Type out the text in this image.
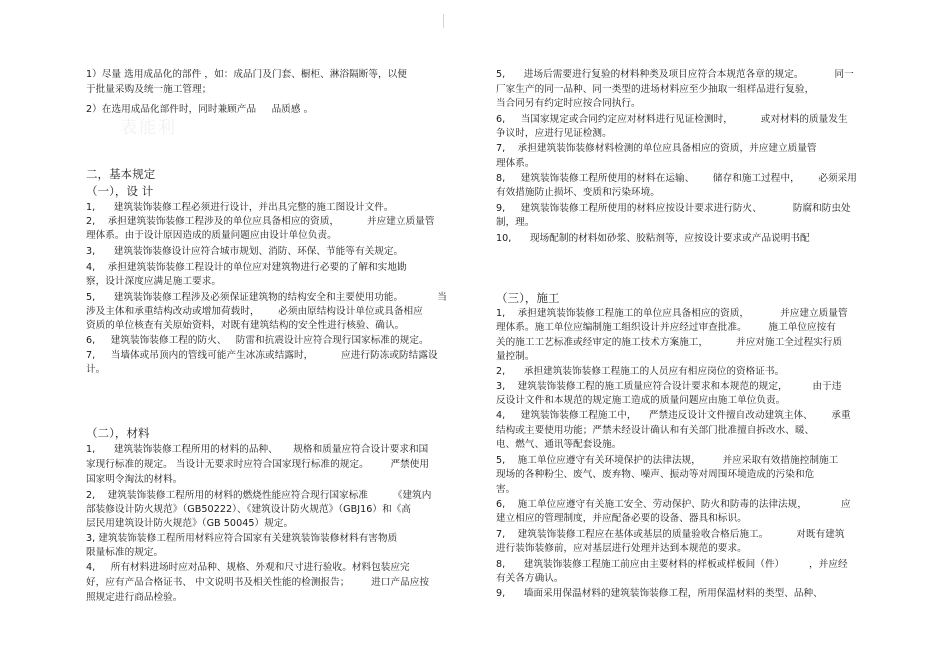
表能利
1）尽量 选用成品化的部件 ，如：成品门及门套、橱柜、淋浴隔断等，以便
于批量采购及统一施工管理；
2）在选用成品化部件时，同时兼顾产品     品质感 。
二，基本规定
（一），设 计
1,      建筑装饰装修工程必须进行设计，并出具完整的施工图设计文件。
2,    承担建筑装饰装修工程涉及的单位应具备相应的资质，         并应建立质量管
理体系。由于设计原因造成的质量问题应由设计单位负责。
3,      建筑装饰装修设计应符合城市规划、消防、环保、节能等有关规定。
4,    承担建筑装饰装修工程设计的单位应对建筑物进行必要的了解和实地勘
察，设计深度应满足施工要求。
5,      建筑装饰装修工程涉及必须保证建筑物的结构安全和主要使用功能。           当
涉及主体和承重结构改动或增加荷载时，      必须由原结构设计单位或具备相应
资质的单位核查有关原始资料，对既有建筑结构的安全性进行核验、确认。
6,     建筑装饰装修工程的防火、   防雷和抗震设计应符合现行国家标准的规定。
7,     当墙体或吊顶内的管线可能产生冰冻或结露时，         应进行防冻或防结露设
计。
（二），材料
1,      建筑装饰装修工程所用的材料的品种、     规格和质量应符合设计要求和国
家现行标准的规定。 当设计无要求时应符合国家现行标准的规定。       严禁使用
国家明令淘汰的材料。
2,    建筑装饰装修工程所用的材料的燃烧性能应符合现行国家标准        《建筑内
部装修设计防火规范》（GB50222）、《建筑设计防火规范》（GBJ16）和《高
层民用建筑设计防火规范》（GB 50045）规定。
3, 建筑装饰装修工程所用材料应符合国家有关建筑装饰装修材料有害物质
限量标准的规定。
4,     所有材料进场时应对品种、规格、外观和尺寸进行验收。材料包装应完
好，应有产品合格证书、 中文说明书及相关性能的检测报告；       进口产品应按
照规定进行商品检验。
5,      进场后需要进行复验的材料种类及项目应符合本规范各章的规定。          同一
厂家生产的同一品种、同一类型的进场材料应至少抽取一组样品进行复验，
当合同另有约定时应按合同执行。
6,     当国家规定或合同约定应对材料进行见证检测时，         或对材料的质量发生
争议时，应进行见证检测。
7,    承担建筑装饰装修材料检测的单位应具备相应的资质，并应建立质量管
理体系。
8,     建筑装饰装修工程所使用的材料在运输、      储存和施工过程中，      必须采用
有效措施防止损坏、变质和污染环境。
9,     建筑装饰装修工程所使用的材料应按设计要求进行防火、          防腐和防虫处
制，理。
10,      现场配制的材料如砂浆、胶粘剂等，应按设计要求或产品说明书配
（三），施工
1,    承担建筑装饰装修工程施工的单位应具备相应的资质，          并应建立质量管
理体系。施工单位应编制施工组织设计并应经过审查批准。       施工单位应按有
关的施工工艺标准或经审定的施工技术方案施工，         并应对施工全过程实行质
量控制。
2,      承担建筑装饰装修工程施工的人员应有相应岗位的资格证书。
3,    建筑装饰装修工程的施工质量应符合设计要求和本规范的规定，        由于违
反设计文件和本规范的规定施工造成的质量问题应由施工单位负责。
4,     建筑装饰装修工程施工中，    严禁违反设计文件擅自改动建筑主体、      承重
结构或主要使用功能；严禁未经设计确认和有关部门批准擅自拆改水、暖、
电、燃气、通讯等配套设施。
5,    施工单位应遵守有关环境保护的法律法规，       并应采取有效措施控制施工
现场的各种粉尘、废气、废弃物、噪声、振动等对周围环境造成的污染和危
害。
6,    施工单位应遵守有关施工安全、劳动保护、防火和防毒的法律法规，           应
建立相应的管理制度，并应配备必要的设备、器具和标识。
7,    建筑装饰装修工程应在基体或基层的质量验收合格后施工。         对既有建筑
进行装饰装修前，应对基层进行处理并达到本规范的要求。
8,      建筑装饰装修工程施工前应由主要材料的样板或样板间（件）        ，并应经
有关各方确认。
9,      墙面采用保温材料的建筑装饰装修工程，所用保温材料的类型、品种、
